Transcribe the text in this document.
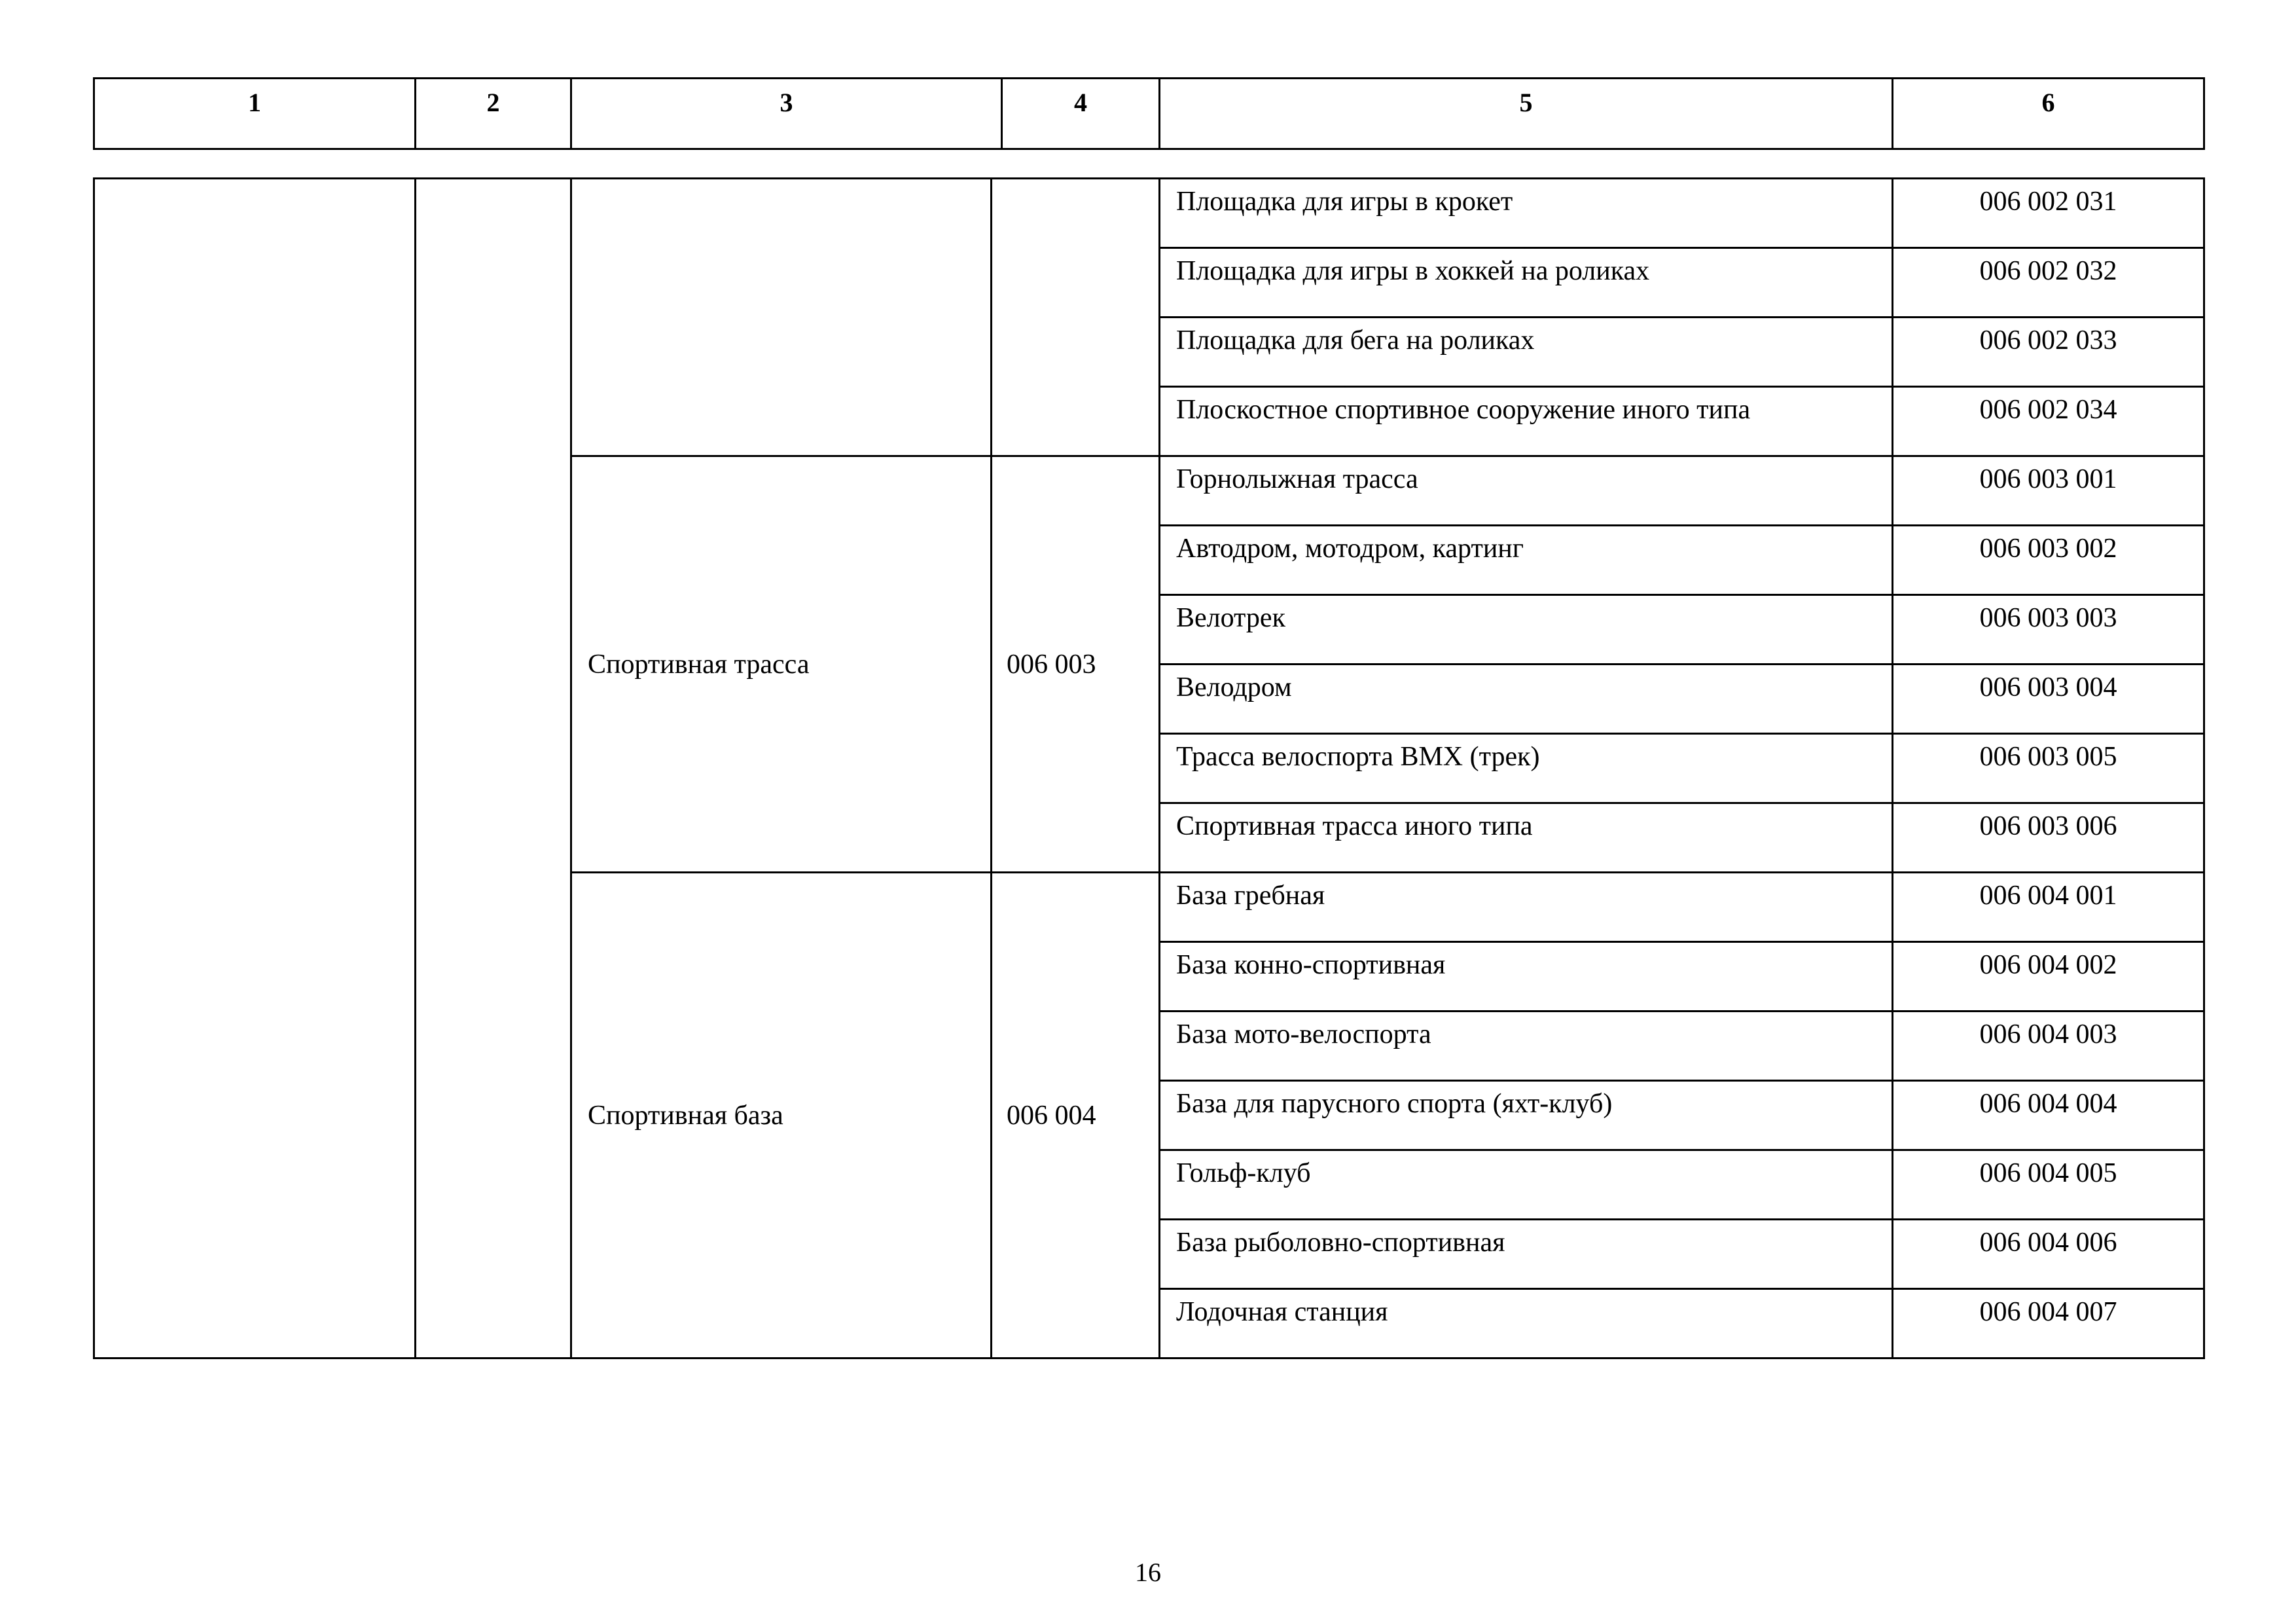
1	2	3	4	5	6
				Площадка для игры в крокет	006 002 031
				Площадка для игры в хоккей на роликах	006 002 032
				Площадка для бега на роликах	006 002 033
				Плоскостное спортивное сооружение иного типа	006 002 034
		Спортивная трасса	006 003	Горнолыжная трасса	006 003 001
				Автодром, мотодром, картинг	006 003 002
				Велотрек	006 003 003
				Велодром	006 003 004
				Трасса велоспорта BMX (трек)	006 003 005
				Спортивная трасса иного типа	006 003 006
		Спортивная база	006 004	База гребная	006 004 001
				База конно-спортивная	006 004 002
				База мото-велоспорта	006 004 003
				База для парусного спорта (яхт-клуб)	006 004 004
				Гольф-клуб	006 004 005
				База рыболовно-спортивная	006 004 006
				Лодочная станция	006 004 007
16
